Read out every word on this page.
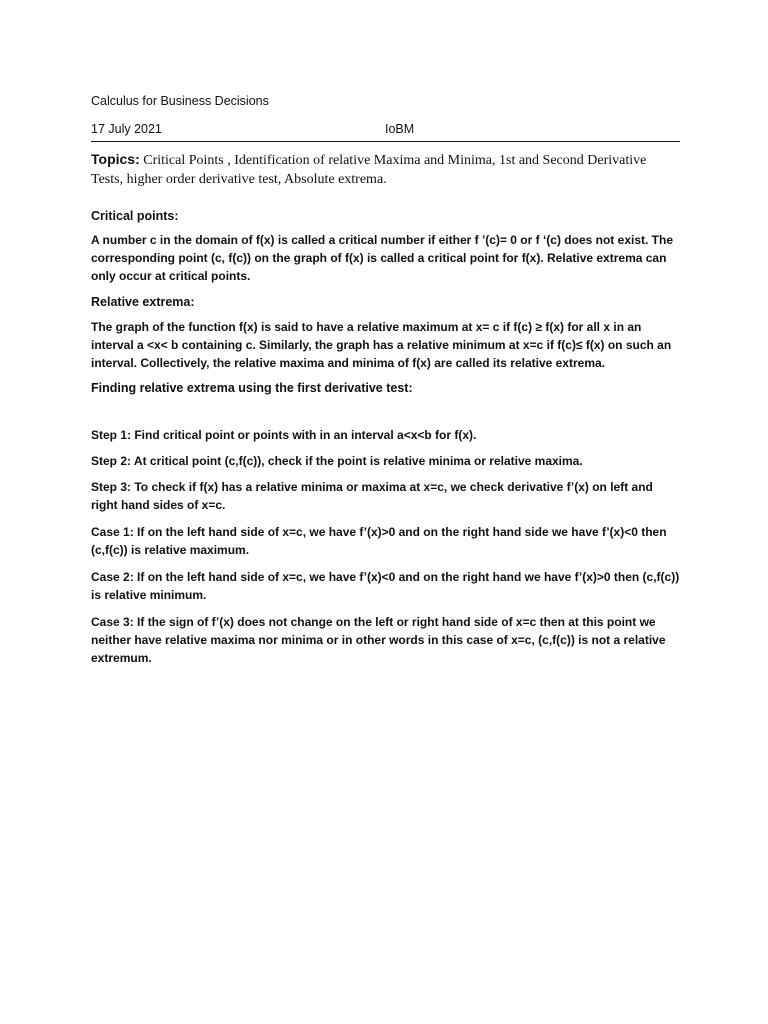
Calculus for Business Decisions

17 July 2021	IoBM

Topics: Critical Points , Identification of relative Maxima and Minima, 1st and Second Derivative Tests, higher order derivative test, Absolute extrema.

Critical points:

A number c in the domain of f(x) is called a critical number if either f ’(c)= 0 or f ‘(c) does not exist. The corresponding point (c, f(c)) on the graph of f(x) is called a critical point for f(x). Relative extrema can only occur at critical points.

Relative extrema:

The graph of the function f(x) is said to have a relative maximum at x= c if f(c) ≥ f(x) for all x in an interval a <x< b containing c. Similarly, the graph has a relative minimum at x=c if f(c)≤ f(x) on such an interval. Collectively, the relative maxima and minima of f(x) are called its relative extrema.

Finding relative extrema using the first derivative test:

Step 1: Find critical point or points with in an interval a<x<b for f(x).

Step 2: At critical point (c,f(c)), check if the point is relative minima or relative maxima.

Step 3: To check if f(x) has a relative minima or maxima at x=c, we check derivative f’(x) on left and right hand sides of x=c.

Case 1: If on the left hand side of x=c, we have f’(x)>0 and on the right hand side we have f’(x)<0 then (c,f(c)) is relative maximum.

Case 2: If on the left hand side of x=c, we have f’(x)<0 and on the right hand we have f’(x)>0 then (c,f(c)) is relative minimum.

Case 3: If the sign of f’(x) does not change on the left or right hand side of x=c then at this point we neither have relative maxima nor minima or in other words in this case of x=c, (c,f(c)) is not a relative extremum.
